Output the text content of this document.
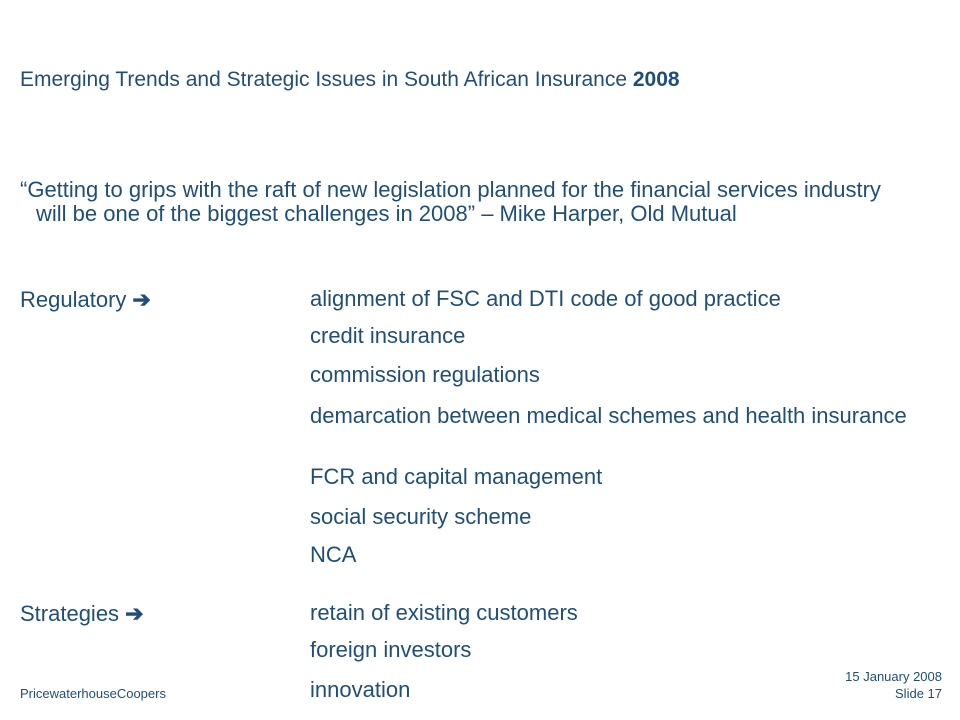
Emerging Trends and Strategic Issues in South African Insurance 2008
“Getting to grips with the raft of new legislation planned for the financial services industry will be one of the biggest challenges in 2008” – Mike Harper, Old Mutual
Regulatory ➔	alignment of FSC and DTI code of good practice
credit insurance
commission regulations
demarcation between medical schemes and health insurance
FCR and capital management
social security scheme
NCA
Strategies ➔	retain of existing customers
foreign investors
innovation
PricewaterhouseCoopers
15 January 2008
Slide 17
